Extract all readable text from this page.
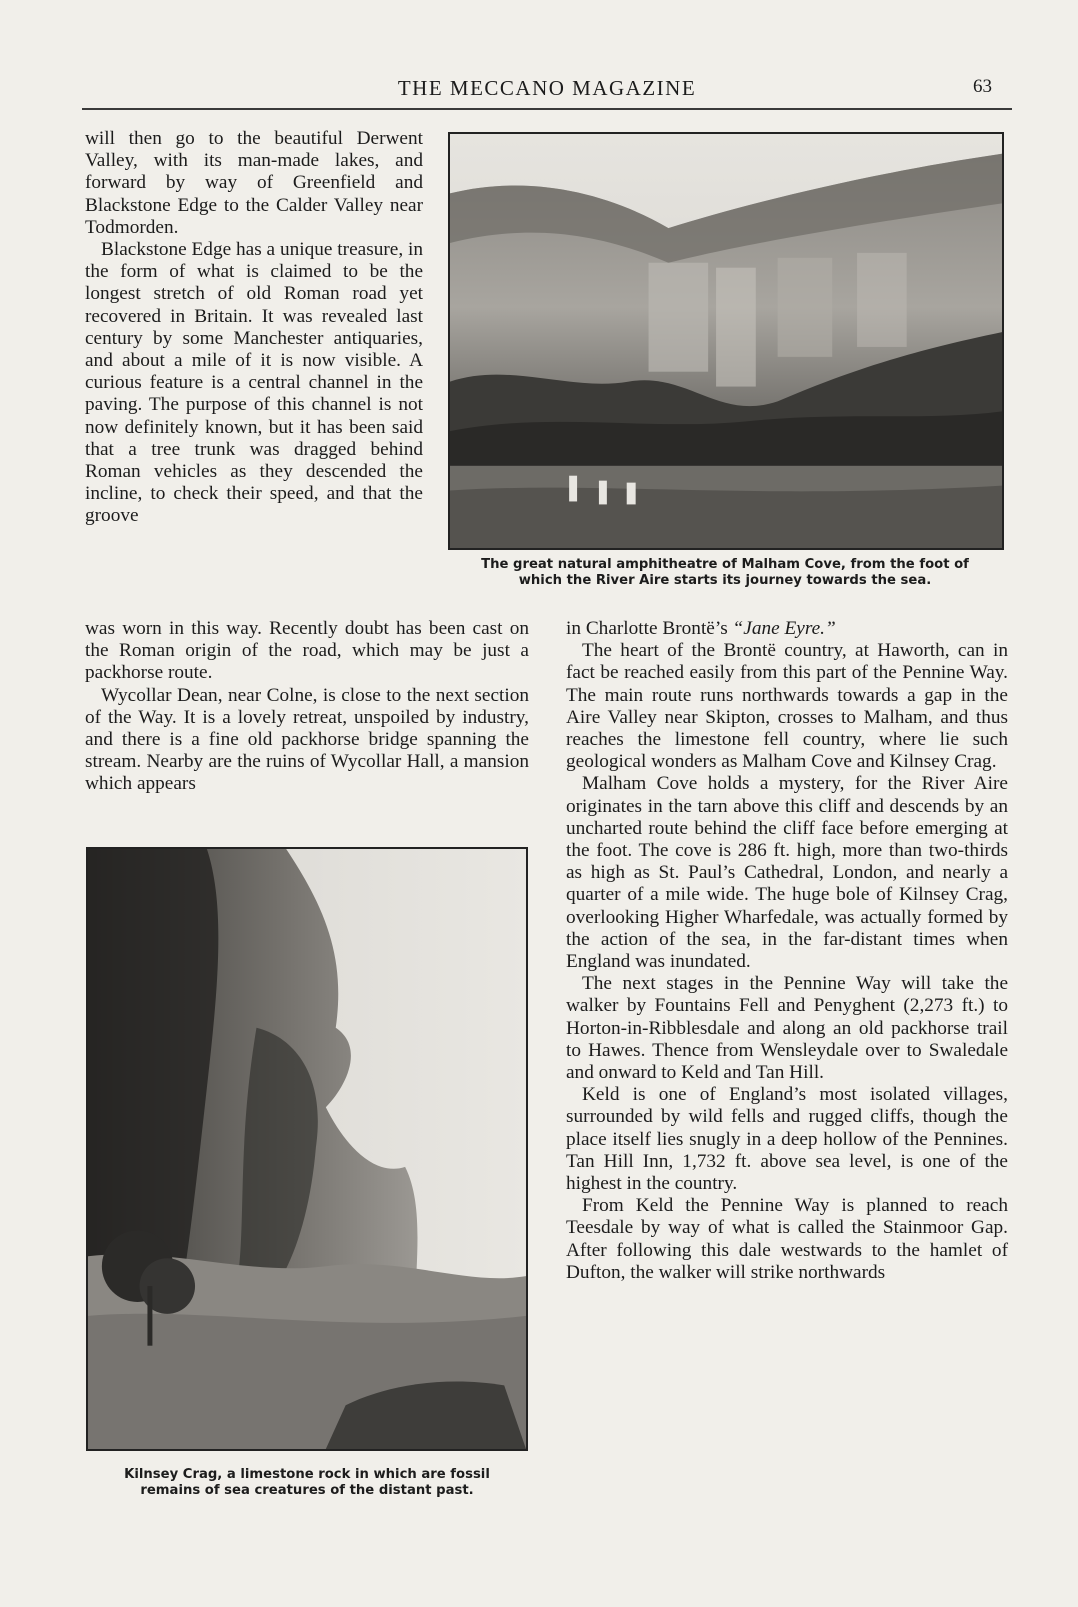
THE MECCANO MAGAZINE	63
The great natural amphitheatre of Malham Cove, from the foot of
which the River Aire starts its journey towards the sea.

will then go to the beautiful Derwent Valley, with its man-made lakes, and forward by way of Greenfield and Blackstone Edge to the Calder Valley near Todmorden.

Blackstone Edge has a unique treasure, in the form of what is claimed to be the longest stretch of old Roman road yet recovered in Britain. It was revealed last century by some Manchester antiquaries, and about a mile of it is now visible. A curious feature is a central channel in the paving. The purpose of this channel is not now definitely known, but it has been said that a tree trunk was dragged behind Roman vehicles as they descended the incline, to check their speed, and that the groove

was worn in this way. Recently doubt has been cast on the Roman origin of the road, which may be just a packhorse route.

Wycollar Dean, near Colne, is close to the next section of the Way. It is a lovely retreat, unspoiled by industry, and there is a fine old packhorse bridge spanning the stream. Nearby are the ruins of Wycollar Hall, a mansion which appears

Kilnsey Crag, a limestone rock in which are fossil
remains of sea creatures of the distant past.

in Charlotte Brontë’s “Jane Eyre.”

The heart of the Brontë country, at Haworth, can in fact be reached easily from this part of the Pennine Way. The main route runs northwards towards a gap in the Aire Valley near Skipton, crosses to Malham, and thus reaches the limestone fell country, where lie such geological wonders as Malham Cove and Kilnsey Crag.

Malham Cove holds a mystery, for the River Aire originates in the tarn above this cliff and descends by an uncharted route behind the cliff face before emerging at the foot. The cove is 286 ft. high, more than two-thirds as high as St. Paul’s Cathedral, London, and nearly a quarter of a mile wide. The huge bole of Kilnsey Crag, overlooking Higher Wharfedale, was actually formed by the action of the sea, in the far-distant times when England was inundated.

The next stages in the Pennine Way will take the walker by Fountains Fell and Penyghent (2,273 ft.) to Horton-in-Ribblesdale and along an old packhorse trail to Hawes. Thence from Wensleydale over to Swaledale and onward to Keld and Tan Hill.

Keld is one of England’s most isolated villages, surrounded by wild fells and rugged cliffs, though the place itself lies snugly in a deep hollow of the Pennines. Tan Hill Inn, 1,732 ft. above sea level, is one of the highest in the country.

From Keld the Pennine Way is planned to reach Teesdale by way of what is called the Stainmoor Gap. After following this dale westwards to the hamlet of Dufton, the walker will strike northwards
